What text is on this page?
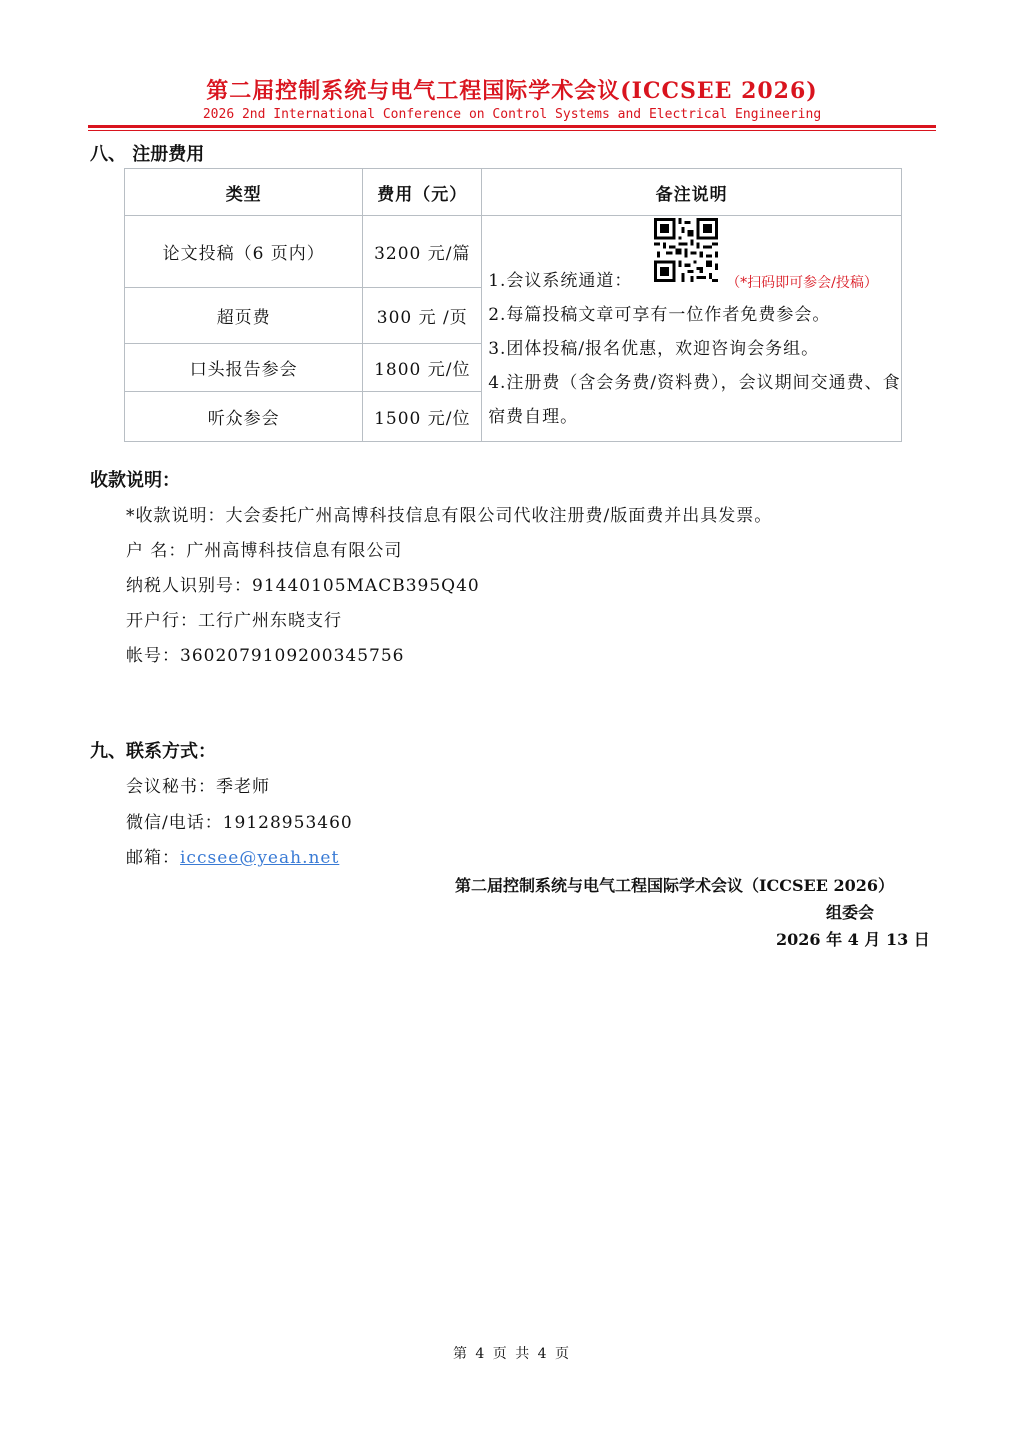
第二届控制系统与电气工程国际学术会议(ICCSEE 2026)
2026 2nd International Conference on Control Systems and Electrical Engineering
八、 注册费用
类型	费用（元）	备注说明
论文投稿（6 页内）	3200 元/篇	（*扫码即可参会/投稿）
1.会议系统通道：
2.每篇投稿文章可享有一位作者免费参会。
3.团体投稿/报名优惠，欢迎咨询会务组。
4.注册费（含会务费/资料费），会议期间交通费、食宿费自理。

超页费	300 元 /页	
口头报告参会	1800 元/位	
听众参会	1500 元/位	
收款说明：
*收款说明：大会委托广州高博科技信息有限公司代收注册费/版面费并出具发票。
户 名：广州高博科技信息有限公司
纳税人识别号：91440105MACB395Q40
开户行：工行广州东晓支行
帐号：3602079109200345756
九、联系方式：
会议秘书：季老师
微信/电话：19128953460
邮箱：iccsee@yeah.net
第二届控制系统与电气工程国际学术会议（ICCSEE 2026）
组委会
2026 年 4 月 13 日
第 4 页 共 4 页
